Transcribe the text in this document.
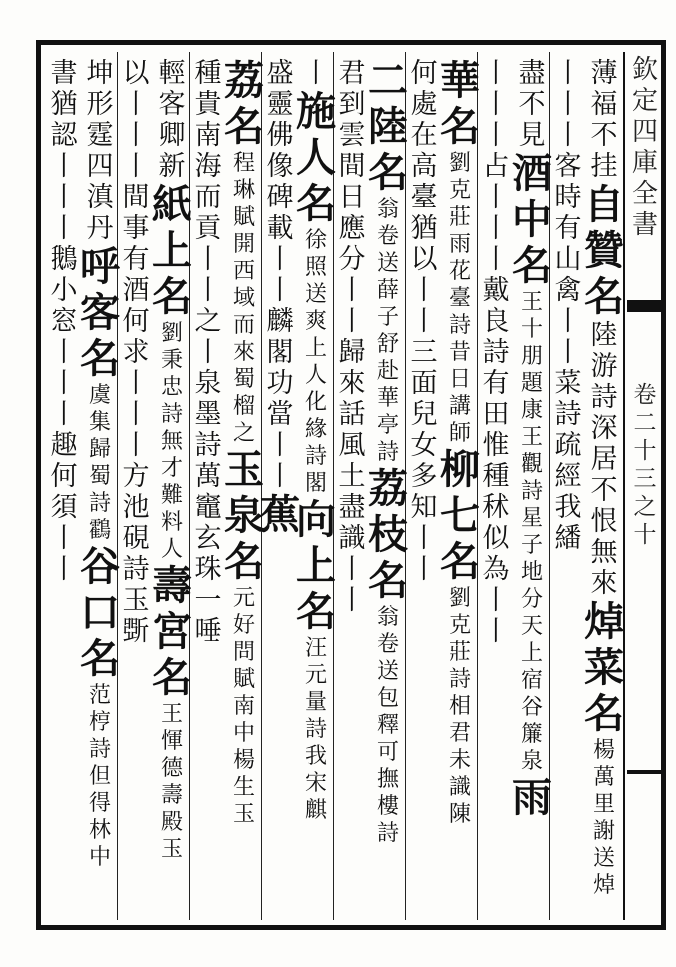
薄
福
不
挂
自
贊
名
陸
游
詩
深
居
不
恨
無
來
焯
菜
名
楊
萬
里
謝
送
焯
丨
丨
丨
客
時
有
山
禽
丨
丨
菜
詩
疏
經
我
繙
盡
不
見
酒
中
名
王
十
朋
題
康
王
觀
詩
星
子
地
分
天
上
宿
谷
簾
泉
雨
丨
丨
丨
占
丨
丨
丨
戴
良
詩
有
田
惟
種
秫
似
為
丨
丨
華
名
劉
克
莊
雨
花
臺
詩
昔
日
講
師
柳
七
名
劉
克
莊
詩
相
君
未
識
陳
何
處
在
高
臺
猶
以
丨
丨
三
面
兒
女
多
知
丨
丨
二
陸
名
翁
卷
送
薛
子
舒
赴
華
亭
詩
荔
枝
名
翁
卷
送
包
釋
可
撫
樓
詩
君
到
雲
間
日
應
分
丨
丨
歸
來
話
風
土
盡
識
丨
丨
丨
施
人
名
徐
照
送
爽
上
人
化
緣
詩
閣
向
上
名
汪
元
量
詩
我
宋
麒
盛
靈
佛
像
碑
載
丨
丨
麟
閣
功
當
丨
丨
蕉
荔
名
程
琳
賦
開
西
域
而
來
蜀
榴
之
玉
泉
名
元
好
問
賦
南
中
楊
生
玉
種
貴
南
海
而
貢
丨
丨
之
丨
泉
墨
詩
萬
竈
玄
珠
一
唾
輕
客
卿
新
紙
上
名
劉
秉
忠
詩
無
才
難
料
人
壽
宮
名
王
惲
德
壽
殿
玉
以
丨
丨
丨
間
事
有
酒
何
求
丨
丨
丨
方
池
硯
詩
玉
斲
坤
形
霆
四
滇
丹
呼
客
名
虞
集
歸
蜀
詩
鸖
谷
口
名
范
梈
詩
但
得
林
中
書
猶
認
丨
丨
丨
鵝
小
窓
丨
丨
丨
趣
何
須
丨
丨
欽
定
四
庫
全
書
卷
二
十
三
之
十
